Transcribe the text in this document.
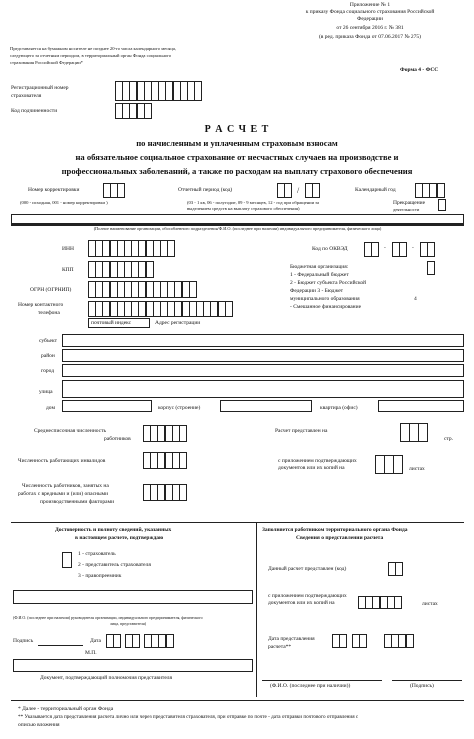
Приложение № 1
к приказу Фонда социального страхования Российской
Федерации
от 26 сентября 2016 г. № 381
(в ред. приказа Фонда от 07.06.2017 № 275)
Представляется на бумажном носителе не позднее 20-го числа календарного месяца,
следующего за отчетным периодом, в территориальный орган Фонда социального
страхования Российской Федерации*
Форма 4 - ФСС
Регистрационный номер
страхователя
Код подчиненности
Р А С Ч Е Т
по начисленным и уплаченным страховым взносам
на обязательное социальное страхование от несчастных случаев на производстве и
профессиональных заболеваний, а также по расходам на выплату страхового обеспечения
Номер корректировки
(000 - исходная, 001 - номер корректировки )
Отчетный период (код)	/
(03 - 1 кв, 06 - полугодие, 09 - 9 месяцев, 12 - год при обращении за
выделением средств на выплату страхового обеспечения)
Календарный год
Прекращение
деятельности
(Полное наименование организации, обособленного подразделения/Ф.И.О. (последнее при наличии) индивидуального предпринимателя, физического лица)
ИНН
КПП
ОГРН (ОГРНИП)
Номер контактного
телефона
Код по ОКВЭД	-	-
Бюджетная организация:
1 - Федеральный бюджет
2 - Бюджет субъекта Российской
Федерации 3 - Бюджет
муниципального образования	4
- Смешанное финансирование
почтовый индекс	Адрес регистрации
субъект
район
город
улица
дом	корпус (строение)	квартира (офис)
Среднесписочная численность
работников
Численность работающих инвалидов
Численность работников, занятых на
работах с вредными и (или) опасными
производственными факторами
Расчет представлен на
стр.
с приложением подтверждающих
документов или их копий на	листах
Достоверность и полноту сведений, указанных
в настоящем расчете, подтверждаю
1 - страхователь
2 - представитель страхователя
3 - правопреемник
(Ф.И.О. (последнее при наличии) руководителя организации, индивидуального предпринимателя, физического
лица, представителя)
Подпись	Дата
М.П.
Документ, подтверждающий полномочия представителя
Заполняется работником территориального органа Фонда
Сведения о представлении расчета
Данный расчет представлен (код)
с приложением подтверждающих
документов или их копий на	листах
Дата представления
расчета**
(Ф.И.О. (последнее при наличии))	(Подпись)
* Далее - территориальный орган Фонда
** Указывается дата представления расчета лично или через представителя страхователя, при отправке по почте - дата отправки почтового отправления с
описью вложения
